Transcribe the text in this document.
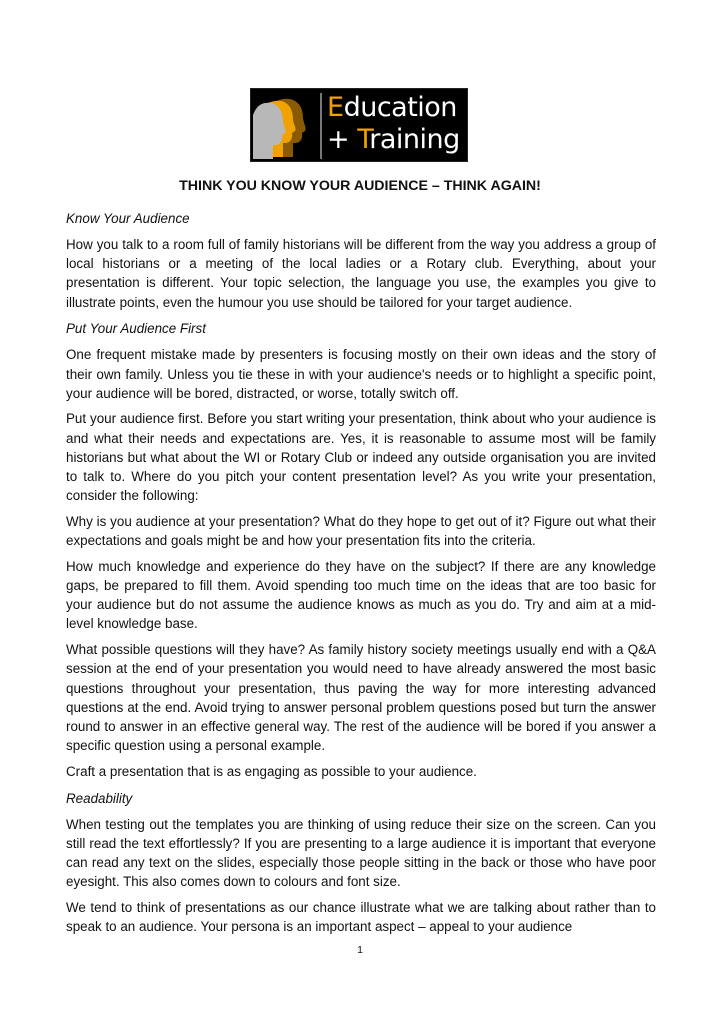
Education
+ Training
THINK YOU KNOW YOUR AUDIENCE – THINK AGAIN!

Know Your Audience

How you talk to a room full of family historians will be different from the way you address a group of local historians or a meeting of the local ladies or a Rotary club. Everything, about your presentation is different. Your topic selection, the language you use, the examples you give to illustrate points, even the humour you use should be tailored for your target audience.

Put Your Audience First

One frequent mistake made by presenters is focusing mostly on their own ideas and the story of their own family. Unless you tie these in with your audience's needs or to highlight a specific point, your audience will be bored, distracted, or worse, totally switch off.

Put your audience first. Before you start writing your presentation, think about who your audience is and what their needs and expectations are. Yes, it is reasonable to assume most will be family historians but what about the WI or Rotary Club or indeed any outside organisation you are invited to talk to. Where do you pitch your content presentation level? As you write your presentation, consider the following:

Why is you audience at your presentation? What do they hope to get out of it? Figure out what their expectations and goals might be and how your presentation fits into the criteria.

How much knowledge and experience do they have on the subject? If there are any knowledge gaps, be prepared to fill them. Avoid spending too much time on the ideas that are too basic for your audience but do not assume the audience knows as much as you do. Try and aim at a mid-level knowledge base.

What possible questions will they have? As family history society meetings usually end with a Q&A session at the end of your presentation you would need to have already answered the most basic questions throughout your presentation, thus paving the way for more interesting advanced questions at the end. Avoid trying to answer personal problem questions posed but turn the answer round to answer in an effective general way. The rest of the audience will be bored if you answer a specific question using a personal example.

Craft a presentation that is as engaging as possible to your audience.

Readability

When testing out the templates you are thinking of using reduce their size on the screen. Can you still read the text effortlessly? If you are presenting to a large audience it is important that everyone can read any text on the slides, especially those people sitting in the back or those who have poor eyesight. This also comes down to colours and font size.

We tend to think of presentations as our chance illustrate what we are talking about rather than to speak to an audience. Your persona is an important aspect – appeal to your audience

1
